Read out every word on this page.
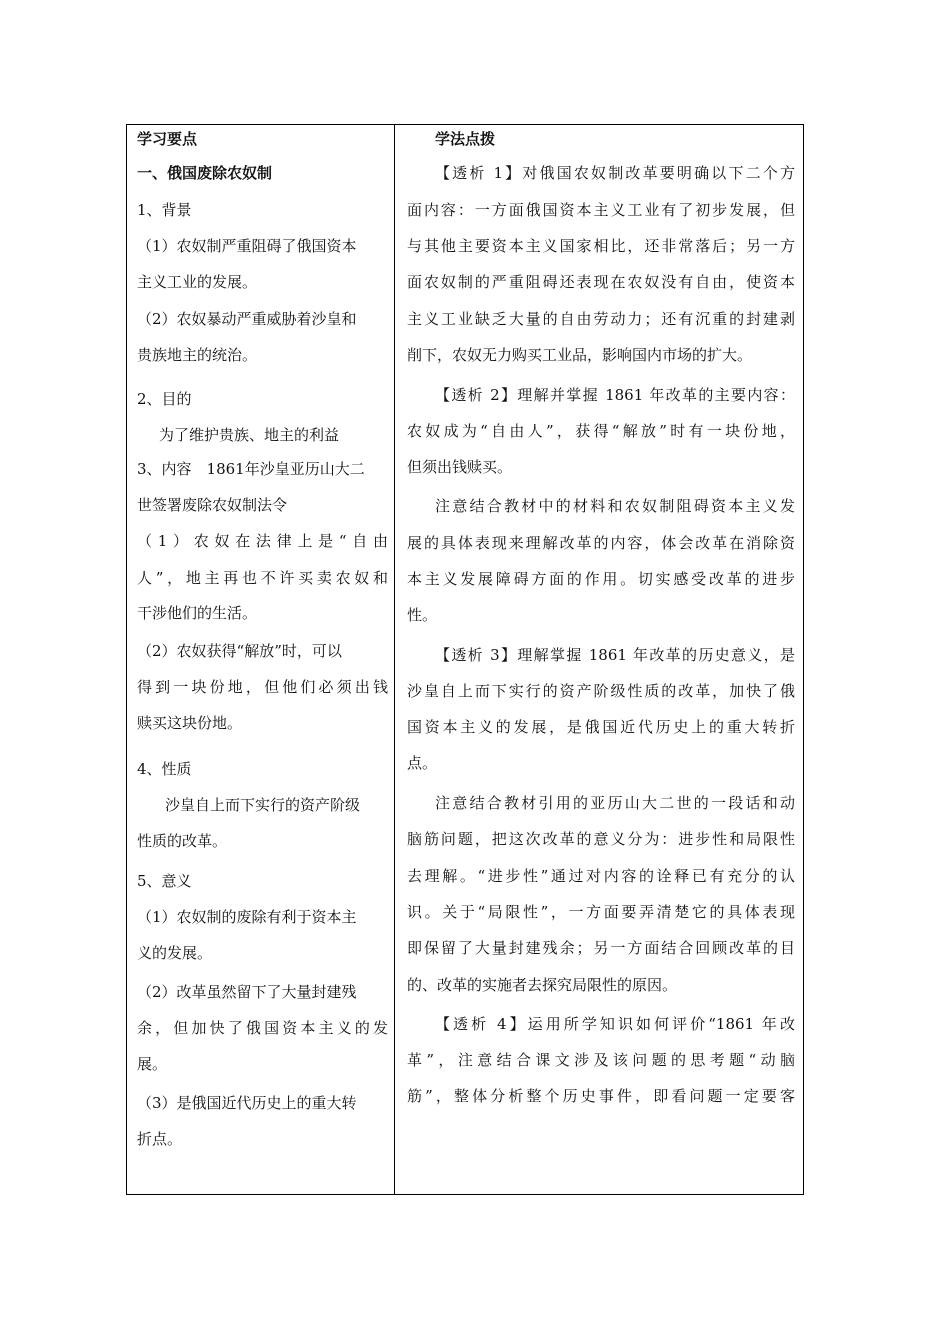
学习要点
一、俄国废除农奴制
1、背景
（1）农奴制严重阻碍了俄国资本
主义工业的发展。
（2）农奴暴动严重威胁着沙皇和
贵族地主的统治。
2、目的
为了维护贵族、地主的利益
3、内容　1861年沙皇亚历山大二
世签署废除农奴制法令
（1）农奴在法律上是“自由
人”，地主再也不许买卖农奴和
干涉他们的生活。
（2）农奴获得“解放”时，可以
得到一块份地，但他们必须出钱
赎买这块份地。
4、性质
沙皇自上而下实行的资产阶级
性质的改革。
5、意义
（1）农奴制的废除有利于资本主
义的发展。
（2）改革虽然留下了大量封建残
余，但加快了俄国资本主义的发
展。
（3）是俄国近代历史上的重大转
折点。
学法点拨
【透析 1】对俄国农奴制改革要明确以下二个方
面内容：一方面俄国资本主义工业有了初步发展，但
与其他主要资本主义国家相比，还非常落后；另一方
面农奴制的严重阻碍还表现在农奴没有自由，使资本
主义工业缺乏大量的自由劳动力；还有沉重的封建剥
削下，农奴无力购买工业品，影响国内市场的扩大。
【透析 2】理解并掌握 1861 年改革的主要内容：
农奴成为“自由人”，获得“解放”时有一块份地，
但须出钱赎买。
注意结合教材中的材料和农奴制阻碍资本主义发
展的具体表现来理解改革的内容，体会改革在消除资
本主义发展障碍方面的作用。切实感受改革的进步
性。
【透析 3】理解掌握 1861 年改革的历史意义，是
沙皇自上而下实行的资产阶级性质的改革，加快了俄
国资本主义的发展，是俄国近代历史上的重大转折
点。
注意结合教材引用的亚历山大二世的一段话和动
脑筋问题，把这次改革的意义分为：进步性和局限性
去理解。“进步性”通过对内容的诠释已有充分的认
识。关于“局限性”，一方面要弄清楚它的具体表现
即保留了大量封建残余；另一方面结合回顾改革的目
的、改革的实施者去探究局限性的原因。
【透析 4】运用所学知识如何评价“1861 年改
革”，注意结合课文涉及该问题的思考题“动脑
筋”，整体分析整个历史事件，即看问题一定要客
